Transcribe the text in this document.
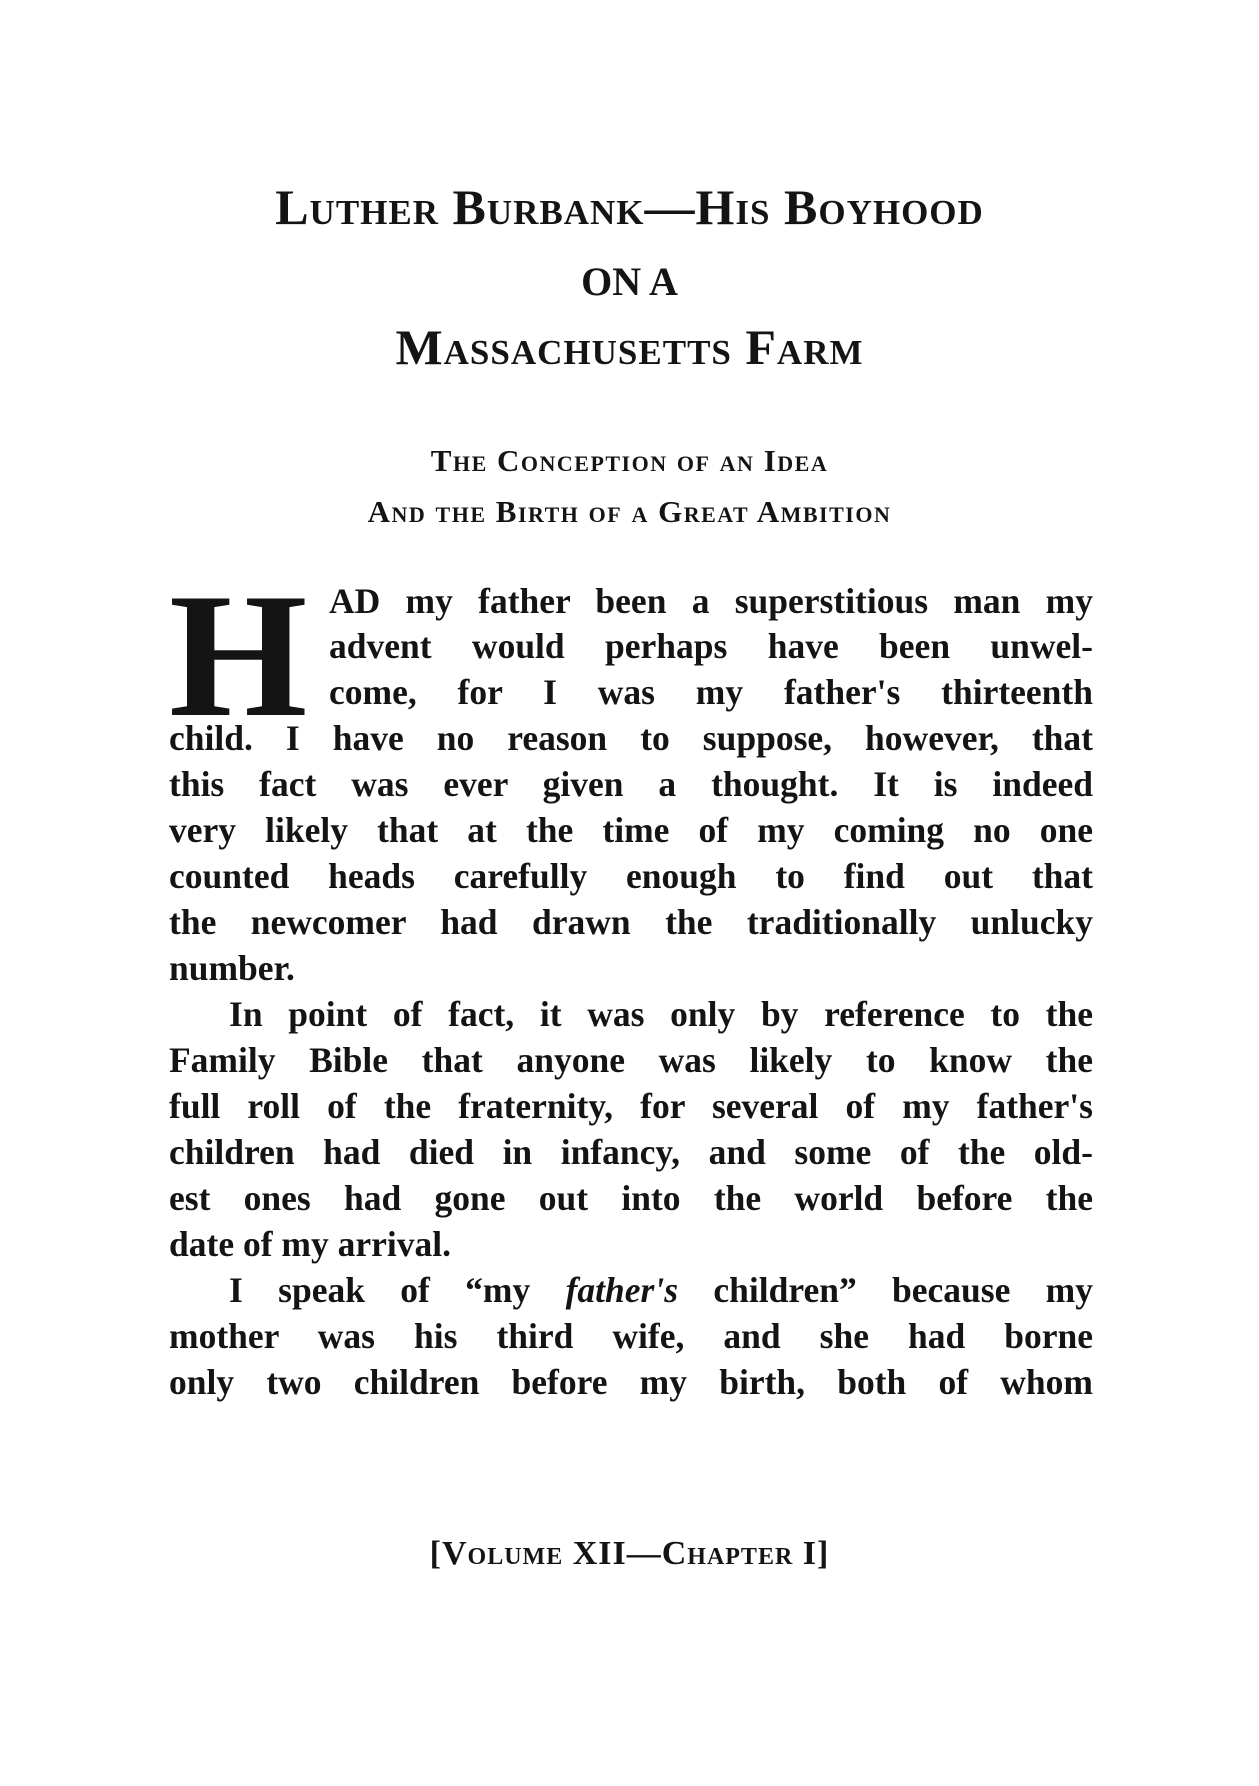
Luther Burbank—His Boyhood
ON A
Massachusetts Farm
The Conception of an Idea
And the Birth of a Great Ambition
H AD my father been a superstitious man my
advent would perhaps have been unwel-
come, for I was my father's thirteenth
child. I have no reason to suppose, however, that
this fact was ever given a thought. It is indeed
very likely that at the time of my coming no one
counted heads carefully enough to find out that
the newcomer had drawn the traditionally unlucky
number.
In point of fact, it was only by reference to the
Family Bible that anyone was likely to know the
full roll of the fraternity, for several of my father's
children had died in infancy, and some of the old-
est ones had gone out into the world before the
date of my arrival.
I speak of “my father's children” because my
mother was his third wife, and she had borne
only two children before my birth, both of whom
[Volume XII—Chapter I]
